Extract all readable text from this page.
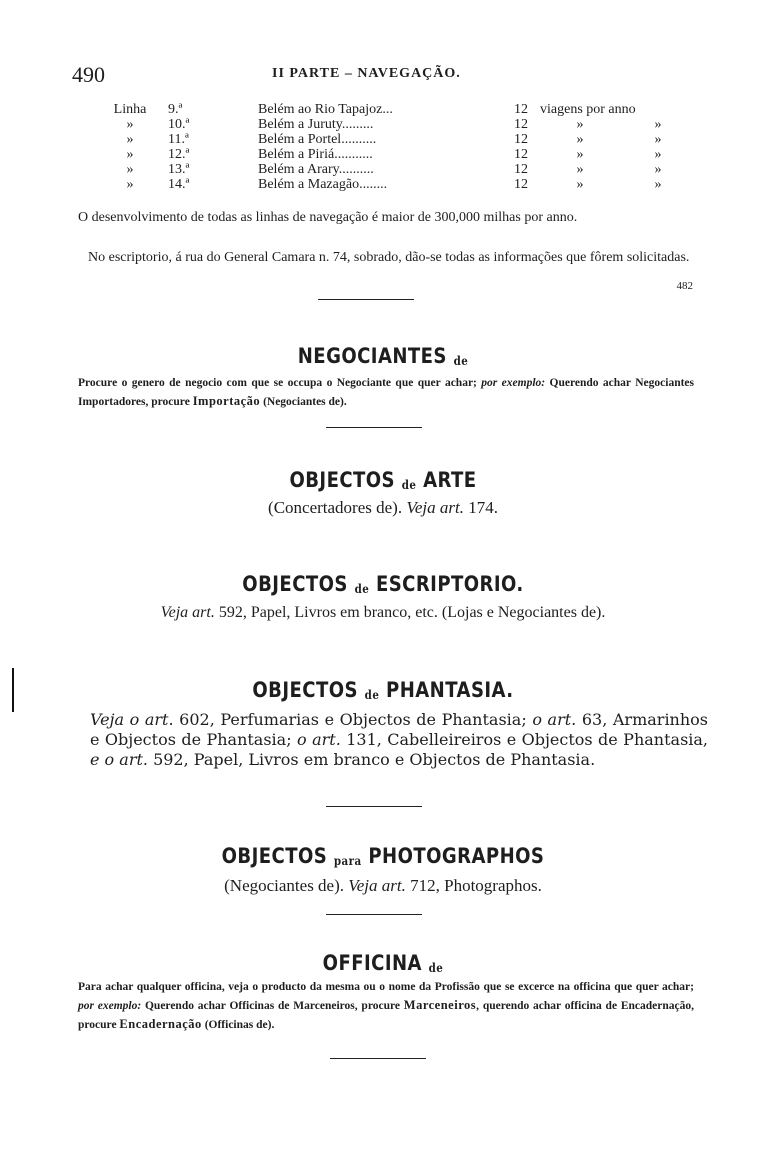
490	II PARTE – NAVEGAÇÃO.
Linha	9.ª	Belém ao Rio Tapajoz...	12 viagens por anno
»	10.ª	Belém a Juruty.........	12	»	»
»	11.ª	Belém a Portel..........	12	»	»
»	12.ª	Belém a Piriá...........	12	»	»
»	13.ª	Belém a Arary..........	12	»	»
»	14.ª	Belém a Mazagão........	12	»	»
O desenvolvimento de todas as linhas de navegação é maior de 300,000 milhas por anno.
No escriptorio, á rua do General Camara n. 74, sobrado, dão-se todas as informações que fôrem solicitadas.
482
NEGOCIANTES de
Procure o genero de negocio com que se occupa o Negociante que quer achar; por exemplo: Querendo achar Negociantes Importadores, procure Importação (Negociantes de).
OBJECTOS de ARTE
(Concertadores de). Veja art. 174.
OBJECTOS de ESCRIPTORIO.
Veja art. 592, Papel, Livros em branco, etc. (Lojas e Negociantes de).
OBJECTOS de PHANTASIA.
Veja o art. 602, Perfumarias e Objectos de Phantasia; o art. 63, Armarinhos e Objectos de Phantasia; o art. 131, Cabelleireiros e Objectos de Phantasia, e o art. 592, Papel, Livros em branco e Objectos de Phantasia.
OBJECTOS para PHOTOGRAPHOS
(Negociantes de). Veja art. 712, Photographos.
OFFICINA de
Para achar qualquer officina, veja o producto da mesma ou o nome da Profissão que se excerce na officina que quer achar; por exemplo: Querendo achar Officinas de Marceneiros, procure Marceneiros, querendo achar officina de Encadernação, procure Encadernação (Officinas de).
